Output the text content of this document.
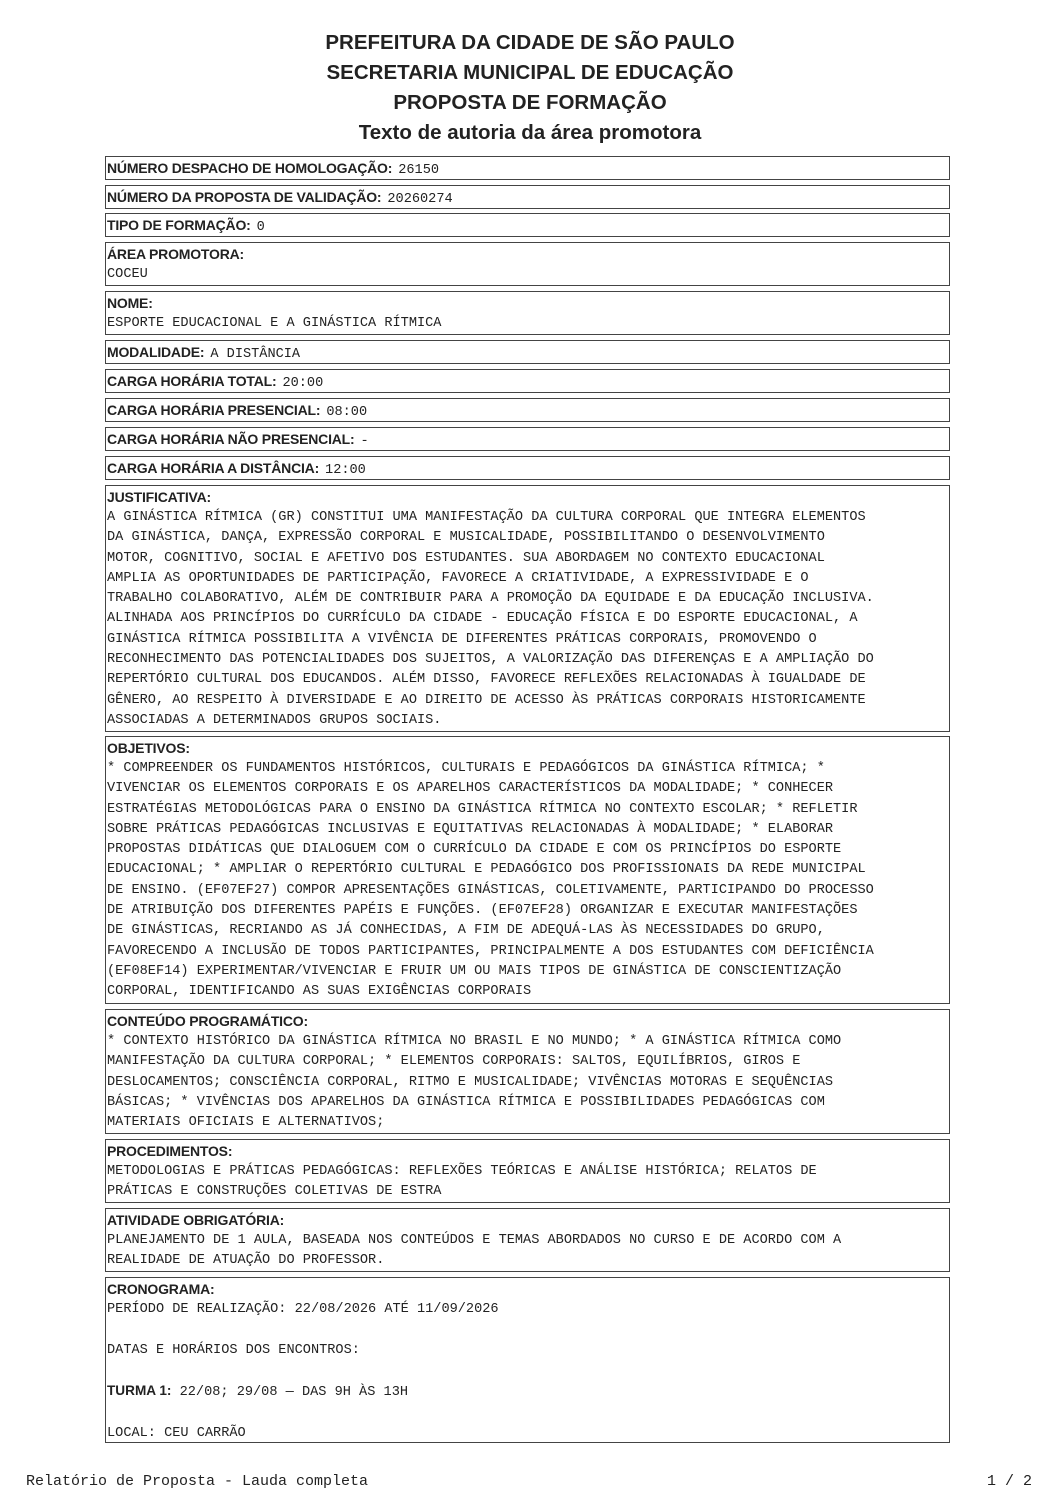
PREFEITURA DA CIDADE DE SÃO PAULO
SECRETARIA MUNICIPAL DE EDUCAÇÃO
PROPOSTA DE FORMAÇÃO
Texto de autoria da área promotora
NÚMERO DESPACHO DE HOMOLOGAÇÃO: 26150
NÚMERO DA PROPOSTA DE VALIDAÇÃO: 20260274
TIPO DE FORMAÇÃO: 0
ÁREA PROMOTORA:
COCEU
NOME:
ESPORTE EDUCACIONAL E A GINÁSTICA RÍTMICA
MODALIDADE: A DISTÂNCIA
CARGA HORÁRIA TOTAL: 20:00
CARGA HORÁRIA PRESENCIAL: 08:00
CARGA HORÁRIA NÃO PRESENCIAL: -
CARGA HORÁRIA A DISTÂNCIA: 12:00
JUSTIFICATIVA:
A GINÁSTICA RÍTMICA (GR) CONSTITUI UMA MANIFESTAÇÃO DA CULTURA CORPORAL QUE INTEGRA ELEMENTOS
DA GINÁSTICA, DANÇA, EXPRESSÃO CORPORAL E MUSICALIDADE, POSSIBILITANDO O DESENVOLVIMENTO
MOTOR, COGNITIVO, SOCIAL E AFETIVO DOS ESTUDANTES. SUA ABORDAGEM NO CONTEXTO EDUCACIONAL
AMPLIA AS OPORTUNIDADES DE PARTICIPAÇÃO, FAVORECE A CRIATIVIDADE, A EXPRESSIVIDADE E O
TRABALHO COLABORATIVO, ALÉM DE CONTRIBUIR PARA A PROMOÇÃO DA EQUIDADE E DA EDUCAÇÃO INCLUSIVA.
ALINHADA AOS PRINCÍPIOS DO CURRÍCULO DA CIDADE - EDUCAÇÃO FÍSICA E DO ESPORTE EDUCACIONAL, A
GINÁSTICA RÍTMICA POSSIBILITA A VIVÊNCIA DE DIFERENTES PRÁTICAS CORPORAIS, PROMOVENDO O
RECONHECIMENTO DAS POTENCIALIDADES DOS SUJEITOS, A VALORIZAÇÃO DAS DIFERENÇAS E A AMPLIAÇÃO DO
REPERTÓRIO CULTURAL DOS EDUCANDOS. ALÉM DISSO, FAVORECE REFLEXÕES RELACIONADAS À IGUALDADE DE
GÊNERO, AO RESPEITO À DIVERSIDADE E AO DIREITO DE ACESSO ÀS PRÁTICAS CORPORAIS HISTORICAMENTE
ASSOCIADAS A DETERMINADOS GRUPOS SOCIAIS.
OBJETIVOS:
* COMPREENDER OS FUNDAMENTOS HISTÓRICOS, CULTURAIS E PEDAGÓGICOS DA GINÁSTICA RÍTMICA; *
VIVENCIAR OS ELEMENTOS CORPORAIS E OS APARELHOS CARACTERÍSTICOS DA MODALIDADE; * CONHECER
ESTRATÉGIAS METODOLÓGICAS PARA O ENSINO DA GINÁSTICA RÍTMICA NO CONTEXTO ESCOLAR; * REFLETIR
SOBRE PRÁTICAS PEDAGÓGICAS INCLUSIVAS E EQUITATIVAS RELACIONADAS À MODALIDADE; * ELABORAR
PROPOSTAS DIDÁTICAS QUE DIALOGUEM COM O CURRÍCULO DA CIDADE E COM OS PRINCÍPIOS DO ESPORTE
EDUCACIONAL; * AMPLIAR O REPERTÓRIO CULTURAL E PEDAGÓGICO DOS PROFISSIONAIS DA REDE MUNICIPAL
DE ENSINO. (EF07EF27) COMPOR APRESENTAÇÕES GINÁSTICAS, COLETIVAMENTE, PARTICIPANDO DO PROCESSO
DE ATRIBUIÇÃO DOS DIFERENTES PAPÉIS E FUNÇÕES. (EF07EF28) ORGANIZAR E EXECUTAR MANIFESTAÇÕES
DE GINÁSTICAS, RECRIANDO AS JÁ CONHECIDAS, A FIM DE ADEQUÁ-LAS ÀS NECESSIDADES DO GRUPO,
FAVORECENDO A INCLUSÃO DE TODOS PARTICIPANTES, PRINCIPALMENTE A DOS ESTUDANTES COM DEFICIÊNCIA
(EF08EF14) EXPERIMENTAR/VIVENCIAR E FRUIR UM OU MAIS TIPOS DE GINÁSTICA DE CONSCIENTIZAÇÃO
CORPORAL, IDENTIFICANDO AS SUAS EXIGÊNCIAS CORPORAIS
CONTEÚDO PROGRAMÁTICO:
* CONTEXTO HISTÓRICO DA GINÁSTICA RÍTMICA NO BRASIL E NO MUNDO; * A GINÁSTICA RÍTMICA COMO
MANIFESTAÇÃO DA CULTURA CORPORAL; * ELEMENTOS CORPORAIS: SALTOS, EQUILÍBRIOS, GIROS E
DESLOCAMENTOS; CONSCIÊNCIA CORPORAL, RITMO E MUSICALIDADE; VIVÊNCIAS MOTORAS E SEQUÊNCIAS
BÁSICAS; * VIVÊNCIAS DOS APARELHOS DA GINÁSTICA RÍTMICA E POSSIBILIDADES PEDAGÓGICAS COM
MATERIAIS OFICIAIS E ALTERNATIVOS;
PROCEDIMENTOS:
METODOLOGIAS E PRÁTICAS PEDAGÓGICAS: REFLEXÕES TEÓRICAS E ANÁLISE HISTÓRICA; RELATOS DE
PRÁTICAS E CONSTRUÇÕES COLETIVAS DE ESTRA
ATIVIDADE OBRIGATÓRIA:
PLANEJAMENTO DE 1 AULA, BASEADA NOS CONTEÚDOS E TEMAS ABORDADOS NO CURSO E DE ACORDO COM A
REALIDADE DE ATUAÇÃO DO PROFESSOR.
CRONOGRAMA:
PERÍODO DE REALIZAÇÃO: 22/08/2026 ATÉ 11/09/2026

DATAS E HORÁRIOS DOS ENCONTROS:

TURMA 1: 22/08; 29/08 — DAS 9H ÀS 13H

LOCAL: CEU CARRÃO
Relatório de Proposta - Lauda completa	1 / 2
